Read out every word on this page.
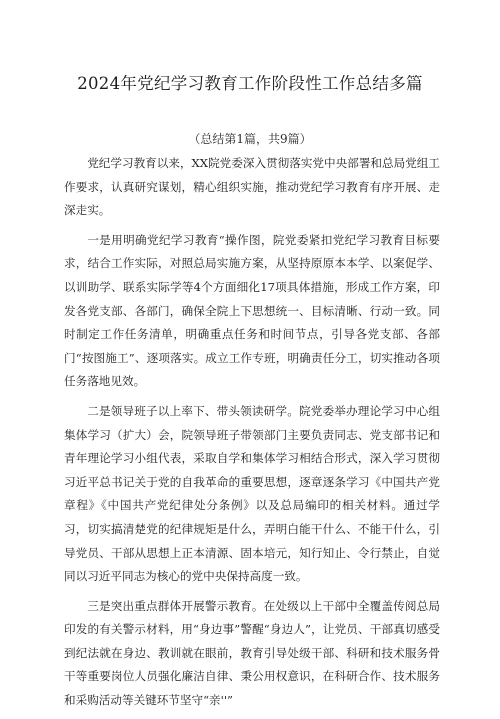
2024年党纪学习教育工作阶段性工作总结多篇
（总结第1篇，共9篇）

党纪学习教育以来，XX院党委深入贯彻落实党中央部署和总局党组工作要求，认真研究谋划，精心组织实施，推动党纪学习教育有序开展、走深走实。

一是用明确党纪学习教育“操作图，院党委紧扣党纪学习教育目标要求，结合工作实际，对照总局实施方案，从坚持原原本本学、以案促学、以训助学、联系实际学等4个方面细化17项具体措施，形成工作方案，印发各党支部、各部门，确保全院上下思想统一、目标清晰、行动一致。同时制定工作任务清单，明确重点任务和时间节点，引导各党支部、各部门“按图施工”、逐项落实。成立工作专班，明确责任分工，切实推动各项任务落地见效。

二是领导班子以上率下、带头领读研学。院党委举办理论学习中心组集体学习（扩大）会，院领导班子带领部门主要负责同志、党支部书记和青年理论学习小组代表，采取自学和集体学习相结合形式，深入学习贯彻习近平总书记关于党的自我革命的重要思想，逐章逐条学习《中国共产党章程》《中国共产党纪律处分条例》以及总局编印的相关材料。通过学习，切实搞清楚党的纪律规矩是什么，弄明白能干什么、不能干什么，引导党员、干部从思想上正本清源、固本培元，知行知止、令行禁止，自觉同以习近平同志为核心的党中央保持高度一致。

三是突出重点群体开展警示教育。在处级以上干部中全覆盖传阅总局印发的有关警示材料，用“身边事”警醒“身边人”，让党员、干部真切感受到纪法就在身边、教训就在眼前，教育引导处级干部、科研和技术服务骨干等重要岗位人员强化廉洁自律、秉公用权意识，在科研合作、技术服务和采购活动等关键环节坚守“亲''”
